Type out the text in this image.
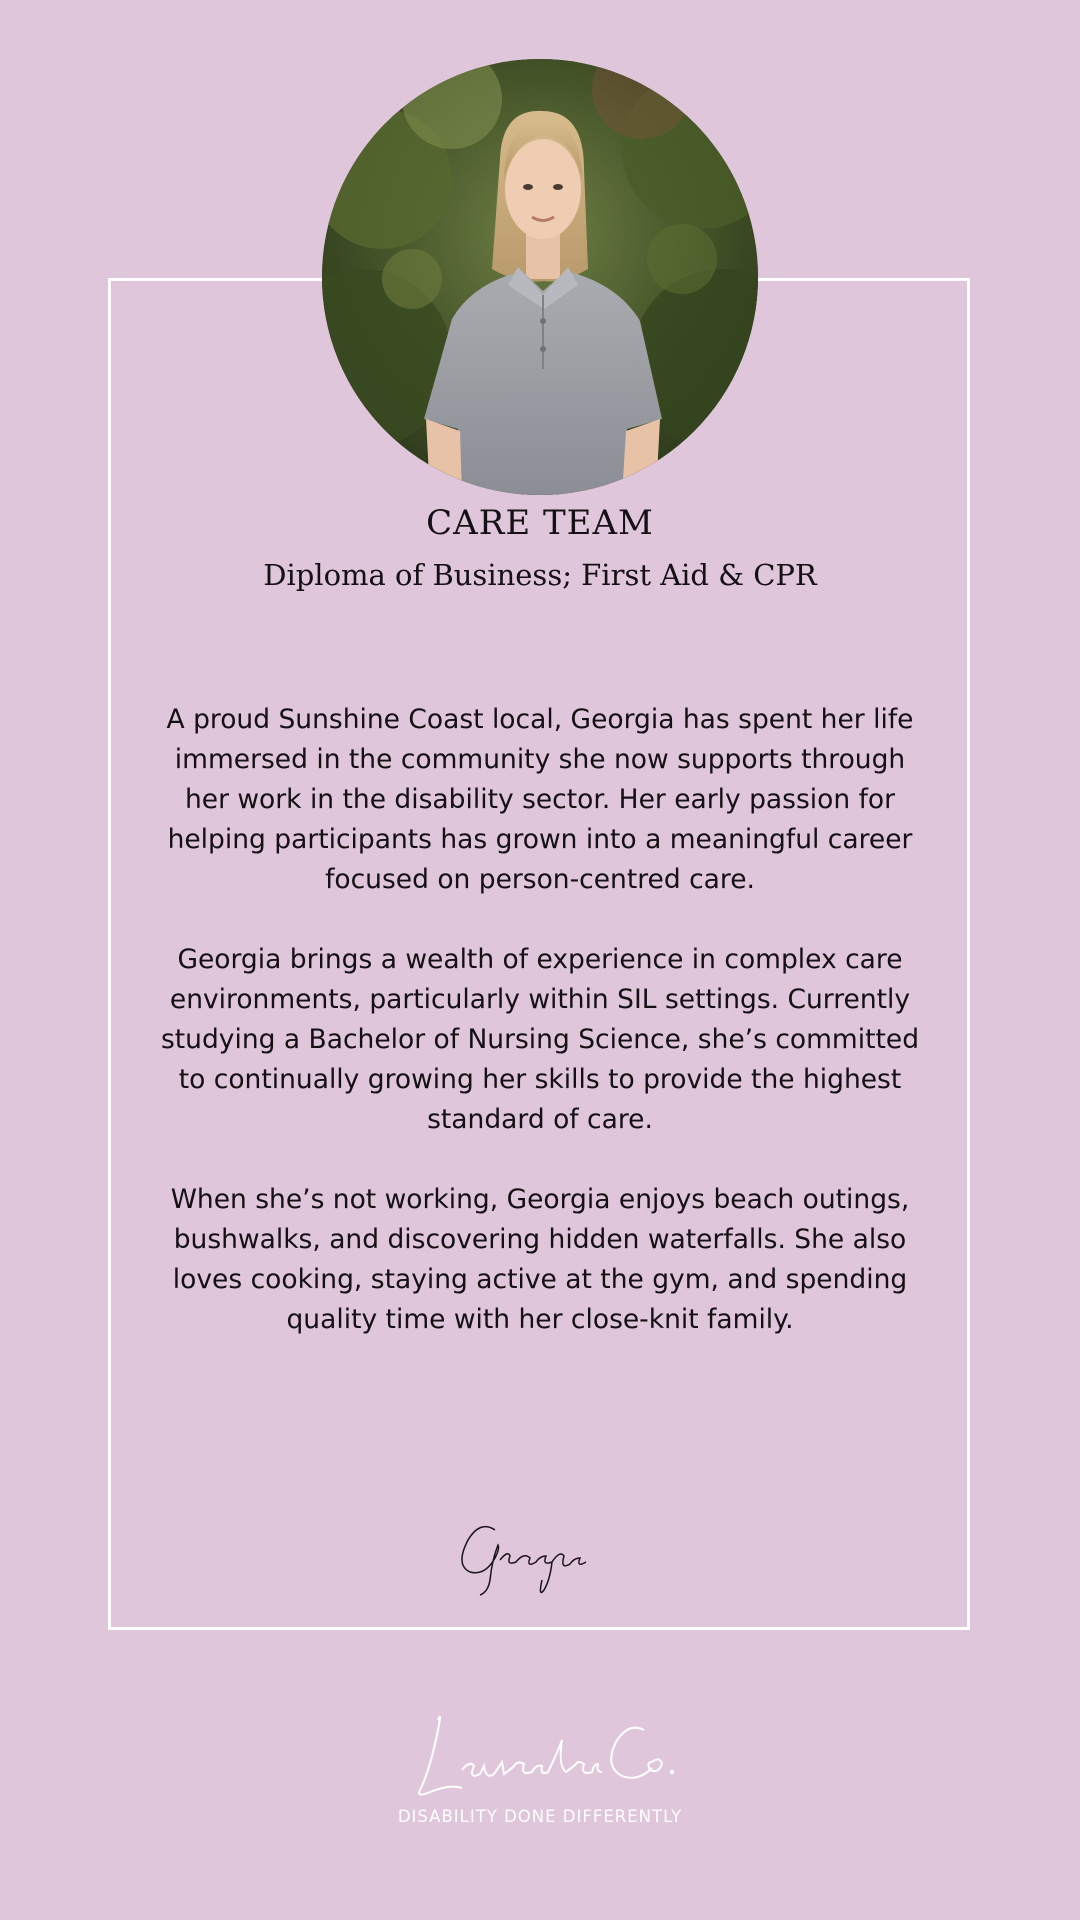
CARE TEAM
Diploma of Business; First Aid & CPR

A proud Sunshine Coast local, Georgia has spent her life immersed in the community she now supports through her work in the disability sector. Her early passion for helping participants has grown into a meaningful career focused on person-centred care.

Georgia brings a wealth of experience in complex care environments, particularly within SIL settings. Currently studying a Bachelor of Nursing Science, she’s committed to continually growing her skills to provide the highest standard of care.

When she’s not working, Georgia enjoys beach outings, bushwalks, and discovering hidden waterfalls. She also loves cooking, staying active at the gym, and spending quality time with her close-knit family.

DISABILITY DONE DIFFERENTLY
